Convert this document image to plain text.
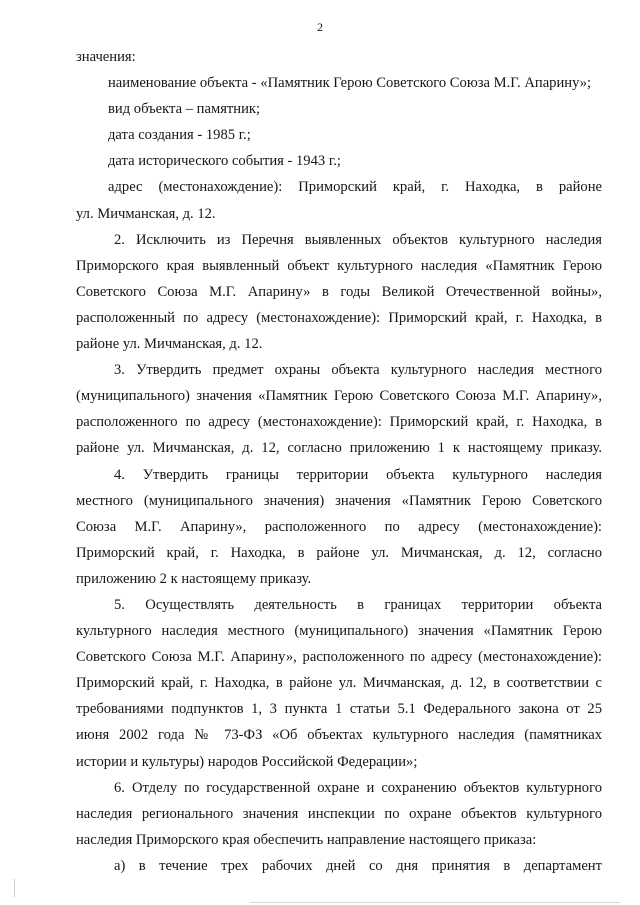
2
значения:
наименование объекта - «Памятник Герою Советского Союза М.Г. Апарину»;
вид объекта – памятник;
дата создания - 1985 г.;
дата исторического события - 1943 г.;
адрес (местонахождение): Приморский край, г. Находка, в районе
ул. Мичманская, д. 12.
2. Исключить из Перечня выявленных объектов культурного наследия
Приморского края выявленный объект культурного наследия «Памятник Герою
Советского Союза М.Г. Апарину» в годы Великой Отечественной войны»,
расположенный по адресу (местонахождение): Приморский край, г. Находка, в
районе ул. Мичманская, д. 12.
3. Утвердить предмет охраны объекта культурного наследия местного
(муниципального) значения «Памятник Герою Советского Союза М.Г. Апарину»,
расположенного по адресу (местонахождение): Приморский край, г. Находка, в
районе ул. Мичманская, д. 12, согласно приложению 1 к настоящему приказу.
4. Утвердить границы территории объекта культурного наследия
местного (муниципального значения) значения «Памятник Герою Советского
Союза М.Г. Апарину», расположенного по адресу (местонахождение):
Приморский край, г. Находка, в районе ул. Мичманская, д. 12, согласно
приложению 2 к настоящему приказу.
5. Осуществлять деятельность в границах территории объекта
культурного наследия местного (муниципального) значения «Памятник Герою
Советского Союза М.Г. Апарину», расположенного по адресу (местонахождение):
Приморский край, г. Находка, в районе ул. Мичманская, д. 12, в соответствии с
требованиями подпунктов 1, 3 пункта 1 статьи 5.1 Федерального закона от 25
июня 2002 года № 73-ФЗ «Об объектах культурного наследия (памятниках
истории и культуры) народов Российской Федерации»;
6. Отделу по государственной охране и сохранению объектов культурного
наследия регионального значения инспекции по охране объектов культурного
наследия Приморского края обеспечить направление настоящего приказа:
а) в течение трех рабочих дней со дня принятия в департамент
